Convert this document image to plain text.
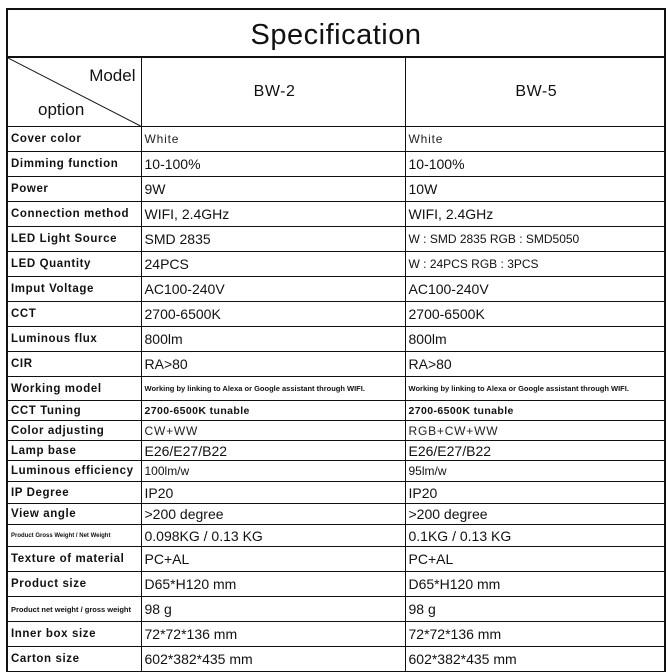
Specification
Model
option	BW-2	BW-5
Cover color	White	White
Dimming function	10-100%	10-100%
Power	9W	10W
Connection method	WIFI, 2.4GHz	WIFI, 2.4GHz
LED Light Source	SMD 2835	W : SMD 2835 RGB : SMD5050
LED Quantity	24PCS	W : 24PCS RGB : 3PCS
Imput Voltage	AC100-240V	AC100-240V
CCT	2700-6500K	2700-6500K
Luminous flux	800lm	800lm
CIR	RA>80	RA>80
Working model	Working by linking to Alexa or Google assistant through WIFI.	Working by linking to Alexa or Google assistant through WIFI.
CCT Tuning	2700-6500K tunable	2700-6500K tunable
Color adjusting	CW+WW	RGB+CW+WW
Lamp base	E26/E27/B22	E26/E27/B22
Luminous efficiency	100lm/w	95lm/w
IP Degree	IP20	IP20
View angle	>200 degree	>200 degree
Product Gross Weight / Net Weight	0.098KG / 0.13 KG	0.1KG / 0.13 KG
Texture of material	PC+AL	PC+AL
Product size	D65*H120 mm	D65*H120 mm
Product net weight / gross weight	98 g	98 g
Inner box size	72*72*136 mm	72*72*136 mm
Carton size	602*382*435 mm	602*382*435 mm
